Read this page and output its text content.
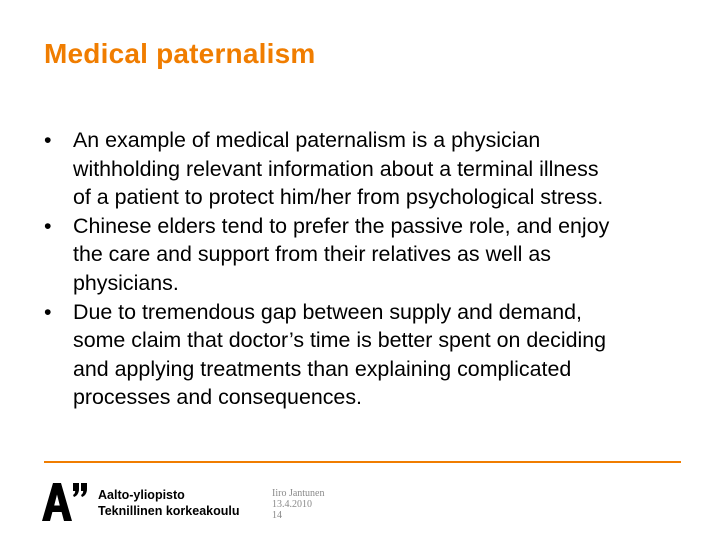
Medical paternalism
•	An example of medical paternalism is a physician
withholding relevant information about a terminal illness
of a patient to protect him/her from psychological stress.
•	Chinese elders tend to prefer the passive role, and enjoy
the care and support from their relatives as well as
physicians.
•	Due to tremendous gap between supply and demand,
some claim that doctor’s time is better spent on deciding
and applying treatments than explaining complicated
processes and consequences.
Aalto-yliopisto
Teknillinen korkeakoulu
Iiro Jantunen
13.4.2010
14
